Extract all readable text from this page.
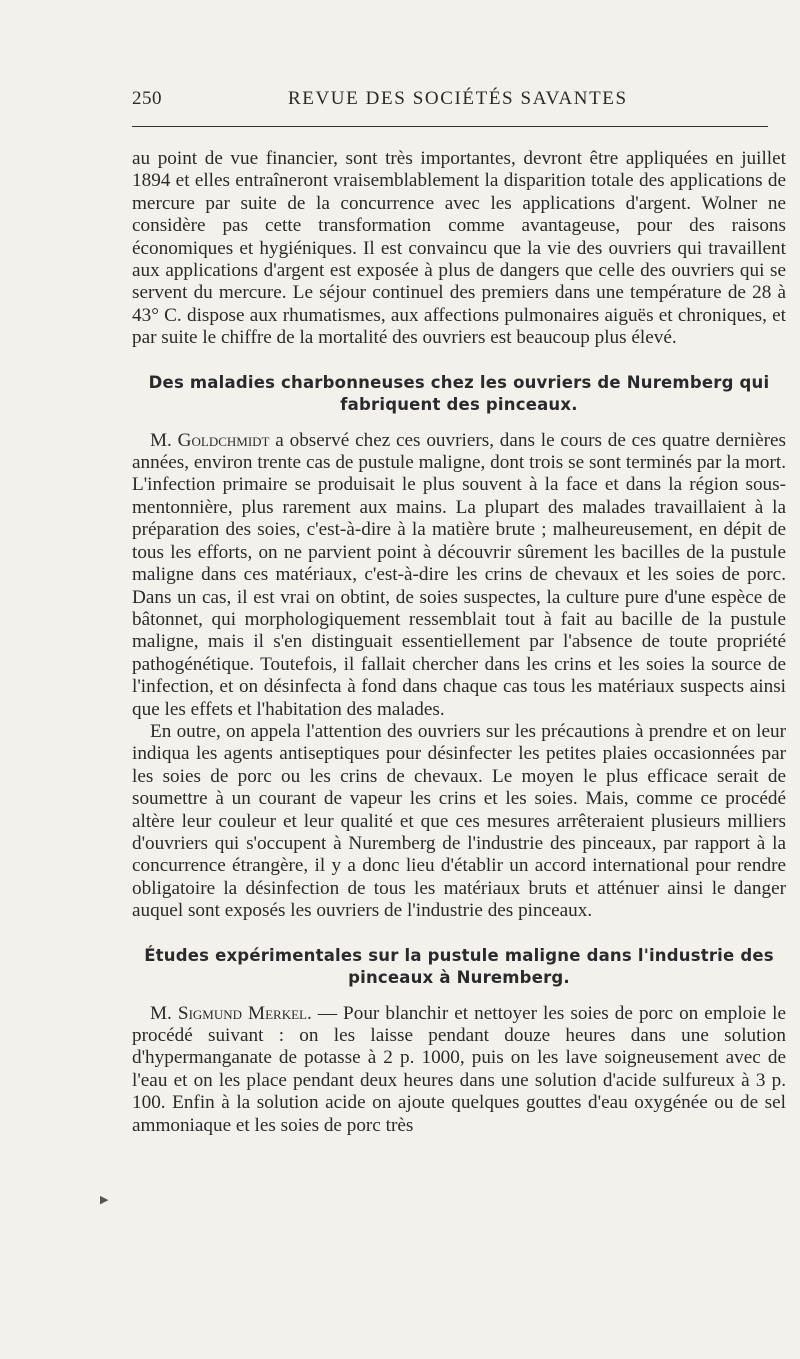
250	REVUE DES SOCIÉTÉS SAVANTES

au point de vue financier, sont très importantes, devront être appliquées en juillet 1894 et elles entraîneront vraisemblablement la disparition totale des applications de mercure par suite de la concurrence avec les applications d'argent. Wolner ne considère pas cette transformation comme avantageuse, pour des raisons économiques et hygiéniques. Il est convaincu que la vie des ouvriers qui travaillent aux applications d'argent est exposée à plus de dangers que celle des ouvriers qui se servent du mercure. Le séjour continuel des premiers dans une température de 28 à 43° C. dispose aux rhumatismes, aux affections pulmonaires aiguës et chroniques, et par suite le chiffre de la mortalité des ouvriers est beaucoup plus élevé.

Des maladies charbonneuses chez les ouvriers de Nuremberg qui fabriquent des pinceaux.

M. Goldchmidt a observé chez ces ouvriers, dans le cours de ces quatre dernières années, environ trente cas de pustule maligne, dont trois se sont terminés par la mort. L'infection primaire se produisait le plus souvent à la face et dans la région sous-mentonnière, plus rarement aux mains. La plupart des malades travaillaient à la préparation des soies, c'est-à-dire à la matière brute ; malheureusement, en dépit de tous les efforts, on ne parvient point à découvrir sûrement les bacilles de la pustule maligne dans ces matériaux, c'est-à-dire les crins de chevaux et les soies de porc. Dans un cas, il est vrai on obtint, de soies suspectes, la culture pure d'une espèce de bâtonnet, qui morphologiquement ressemblait tout à fait au bacille de la pustule maligne, mais il s'en distinguait essentiellement par l'absence de toute propriété pathogénétique. Toutefois, il fallait chercher dans les crins et les soies la source de l'infection, et on désinfecta à fond dans chaque cas tous les matériaux suspects ainsi que les effets et l'habitation des malades.

En outre, on appela l'attention des ouvriers sur les précautions à prendre et on leur indiqua les agents antiseptiques pour désinfecter les petites plaies occasionnées par les soies de porc ou les crins de chevaux. Le moyen le plus efficace serait de soumettre à un courant de vapeur les crins et les soies. Mais, comme ce procédé altère leur couleur et leur qualité et que ces mesures arrêteraient plusieurs milliers d'ouvriers qui s'occupent à Nuremberg de l'industrie des pinceaux, par rapport à la concurrence étrangère, il y a donc lieu d'établir un accord international pour rendre obligatoire la désinfection de tous les matériaux bruts et atténuer ainsi le danger auquel sont exposés les ouvriers de l'industrie des pinceaux.

Études expérimentales sur la pustule maligne dans l'industrie des pinceaux à Nuremberg.

M. Sigmund Merkel. — Pour blanchir et nettoyer les soies de porc on emploie le procédé suivant : on les laisse pendant douze heures dans une solution d'hypermanganate de potasse à 2 p. 1000, puis on les lave soigneusement avec de l'eau et on les place pendant deux heures dans une solution d'acide sulfureux à 3 p. 100. Enfin à la solution acide on ajoute quelques gouttes d'eau oxygénée ou de sel ammoniaque et les soies de porc très

▶
